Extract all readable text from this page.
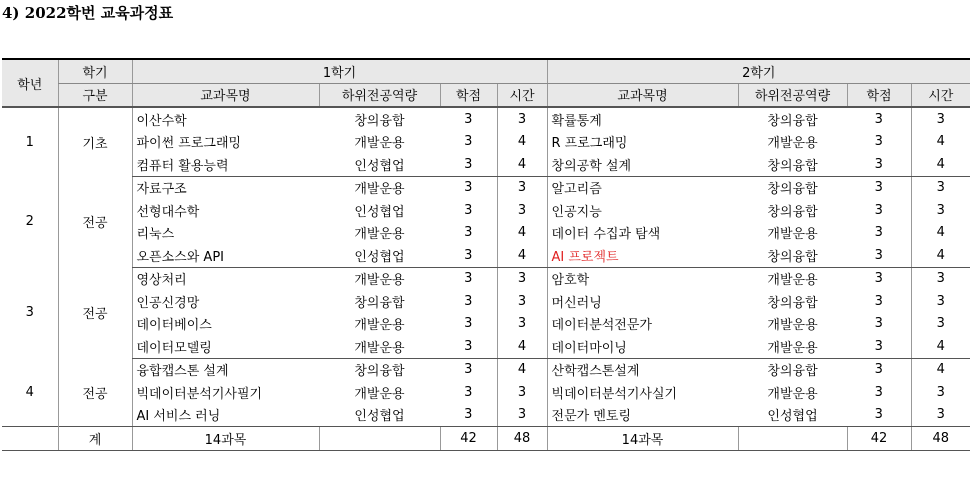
4) 2022학번 교육과정표
학년	학기	1학기				2학기			
	구분	교과목명	하위전공역량	학점	시간	교과목명	하위전공역량	학점	시간
1	기초	이산수학	창의융합	3	3	확률통계	창의융합	3	3
		파이썬 프로그래밍	개발운용	3	4	R 프로그래밍	개발운용	3	4
		컴퓨터 활용능력	인성협업	3	4	창의공학 설계	창의융합	3	4
2	전공	자료구조	개발운용	3	3	알고리즘	창의융합	3	3
		선형대수학	인성협업	3	3	인공지능	창의융합	3	3
		리눅스	개발운용	3	4	데이터 수집과 탐색	개발운용	3	4
		오픈소스와 API	인성협업	3	4	AI 프로젝트	창의융합	3	4
3	전공	영상처리	개발운용	3	3	암호학	개발운용	3	3
		인공신경망	창의융합	3	3	머신러닝	창의융합	3	3
		데이터베이스	개발운용	3	3	데이터분석전문가	개발운용	3	3
		데이터모델링	개발운용	3	4	데이터마이닝	개발운용	3	4
4	전공	융합캡스톤 설계	창의융합	3	4	산학캡스톤설계	창의융합	3	4
		빅데이터분석기사필기	개발운용	3	3	빅데이터분석기사실기	개발운용	3	3
		AI 서비스 러닝	인성협업	3	3	전문가 멘토링	인성협업	3	3
	계	14과목		42	48	14과목		42	48
